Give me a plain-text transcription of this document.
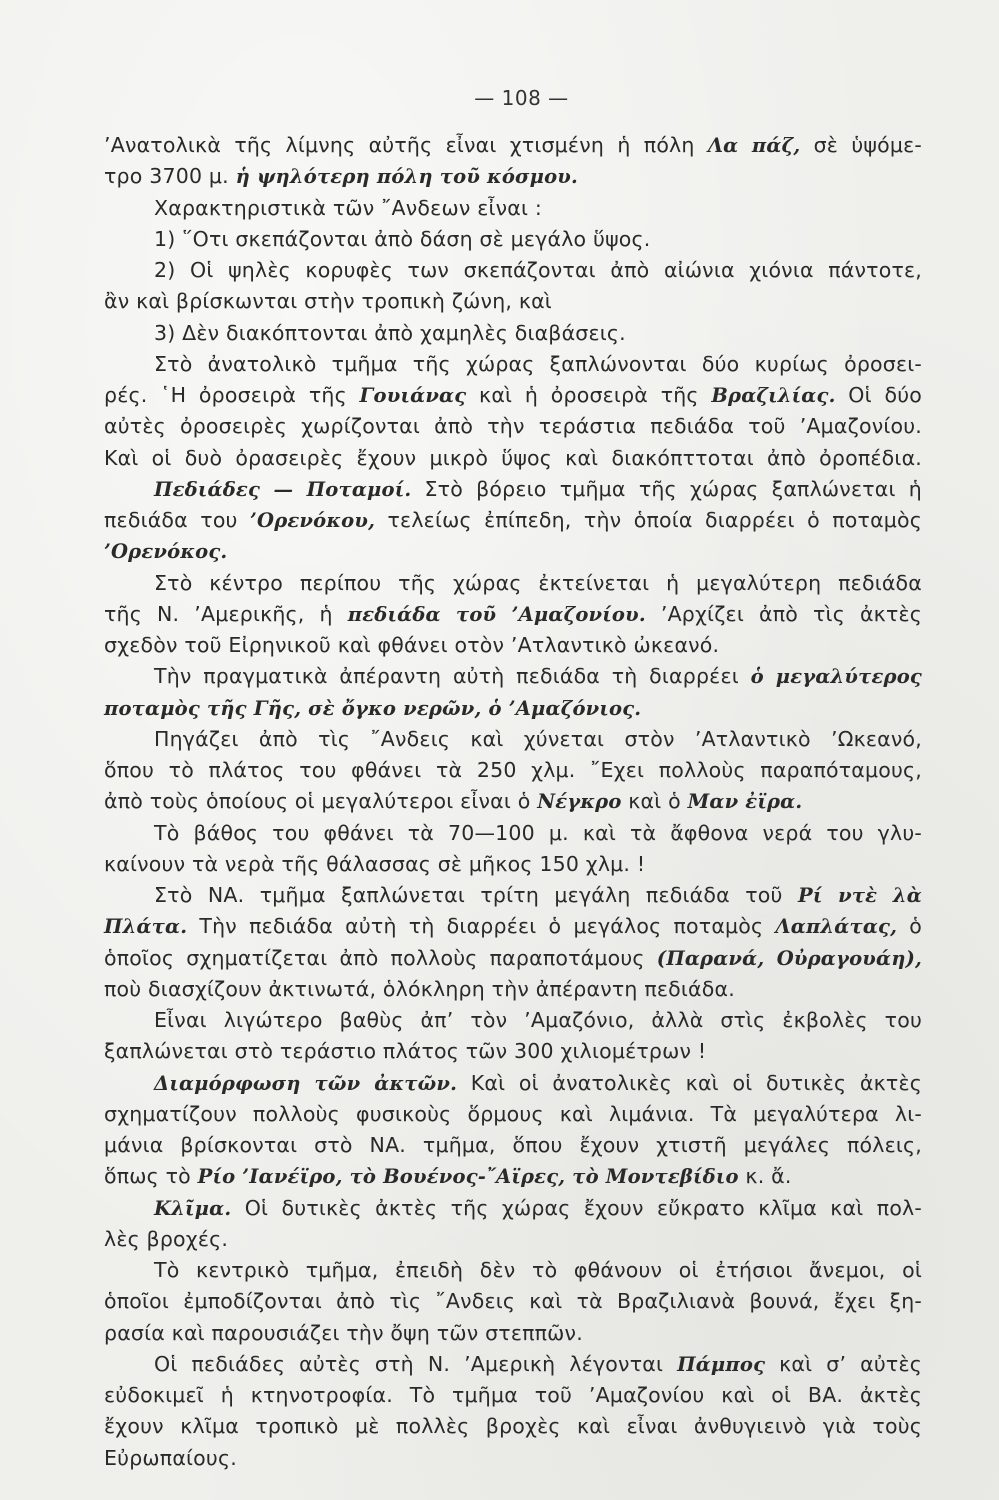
— 108 —
’Ανατολικὰ τῆς λίμνης αὐτῆς εἶναι χτισμένη ἡ πόλη Λα πάζ, σὲ ὑψόμε-
τρο 3700 μ. ἡ ψηλότερη πόλη τοῦ κόσμου.
Χαρακτηριστικὰ τῶν ῎Ανδεων εἶναι :
1) ῞Οτι σκεπάζονται ἀπὸ δάση σὲ μεγάλο ὕψος.
2) Οἱ ψηλὲς κορυφὲς των σκεπάζονται ἀπὸ αἰώνια χιόνια πάντοτε,
ἂν καὶ βρίσκωνται στὴν τροπικὴ ζώνη, καὶ
3) Δὲν διακόπτονται ἀπὸ χαμηλὲς διαβάσεις.
Στὸ ἀνατολικὸ τμῆμα τῆς χώρας ξαπλώνονται δύο κυρίως ὀροσει-
ρές. ῾Η ὀροσειρὰ τῆς Γουιάνας καὶ ἡ ὀροσειρὰ τῆς Βραζιλίας. Οἱ δύο
αὐτὲς ὀροσειρὲς χωρίζονται ἀπὸ τὴν τεράστια πεδιάδα τοῦ ’Αμαζονίου.
Καὶ οἱ δυὸ ὀρασειρὲς ἔχουν μικρὸ ὕψος καὶ διακόπττοται ἀπὸ ὀροπέδια.
Πεδιάδες — Ποταμοί. Στὸ βόρειο τμῆμα τῆς χώρας ξαπλώνεται ἡ
πεδιάδα του ’Ορενόκου, τελείως ἐπίπεδη, τὴν ὁποία διαρρέει ὁ ποταμὸς
’Ορενόκος.
Στὸ κέντρο περίπου τῆς χώρας ἐκτείνεται ἡ μεγαλύτερη πεδιάδα
τῆς Ν. ’Αμερικῆς, ἡ πεδιάδα τοῦ ’Αμαζονίου. ’Αρχίζει ἀπὸ τὶς ἀκτὲς
σχεδὸν τοῦ Εἰρηνικοῦ καὶ φθάνει οτὸν ’Ατλαντικὸ ὠκεανό.
Τὴν πραγματικὰ ἀπέραντη αὐτὴ πεδιάδα τὴ διαρρέει ὁ μεγαλύτερος
ποταμὸς τῆς Γῆς, σὲ ὄγκο νερῶν, ὁ ’Αμαζόνιος.
Πηγάζει ἀπὸ τὶς ῎Ανδεις καὶ χύνεται στὸν ’Ατλαντικὸ ’Ωκεανό,
ὅπου τὸ πλάτος του φθάνει τὰ 250 χλμ. ῎Εχει πολλοὺς παραπόταμους,
ἀπὸ τοὺς ὁποίους οἱ μεγαλύτεροι εἶναι ὁ Νέγκρο καὶ ὁ Μαν ἐϊρα.
Τὸ βάθος του φθάνει τὰ 70—100 μ. καὶ τὰ ἄφθονα νερά του γλυ-
καίνουν τὰ νερὰ τῆς θάλασσας σὲ μῆκος 150 χλμ. !
Στὸ ΝΑ. τμῆμα ξαπλώνεται τρίτη μεγάλη πεδιάδα τοῦ Pί ντὲ λὰ
Πλάτα. Τὴν πεδιάδα αὐτὴ τὴ διαρρέει ὁ μεγάλος ποταμὸς Λαπλάτας, ὁ
ὁποῖος σχηματίζεται ἀπὸ πολλοὺς παραποτάμους (Παρανά, Οὐραγουάη),
ποὺ διασχίζουν ἀκτινωτά, ὁλόκληρη τὴν ἀπέραντη πεδιάδα.
Εἶναι λιγώτερο βαθὺς ἀπ’ τὸν ’Αμαζόνιο, ἀλλὰ στὶς ἐκβολὲς του
ξαπλώνεται στὸ τεράστιο πλάτος τῶν 300 χιλιομέτρων !
Διαμόρφωση τῶν ἀκτῶν. Καὶ οἱ ἀνατολικὲς καὶ οἱ δυτικὲς ἀκτὲς
σχηματίζουν πολλοὺς φυσικοὺς ὅρμους καὶ λιμάνια. Τὰ μεγαλύτερα λι-
μάνια βρίσκονται στὸ ΝΑ. τμῆμα, ὅπου ἔχουν χτιστῆ μεγάλες πόλεις,
ὅπως τὸ Ρίο ’Ιανέϊρο, τὸ Βουένος-῎Αϊρες, τὸ Μοντεβίδιο κ. ἄ.
Κλῖμα. Οἱ δυτικὲς ἀκτὲς τῆς χώρας ἔχουν εὔκρατο κλῖμα καὶ πολ-
λὲς βροχές.
Τὸ κεντρικὸ τμῆμα, ἐπειδὴ δὲν τὸ φθάνουν οἱ ἐτήσιοι ἄνεμοι, οἱ
ὁποῖοι ἐμποδίζονται ἀπὸ τὶς ῎Ανδεις καὶ τὰ Βραζιλιανὰ βουνά, ἔχει ξη-
ρασία καὶ παρουσιάζει τὴν ὄψη τῶν στεππῶν.
Οἱ πεδιάδες αὐτὲς στὴ Ν. ’Αμερικὴ λέγονται Πάμπος καὶ σ’ αὐτὲς
εὐδοκιμεῖ ἡ κτηνοτροφία. Τὸ τμῆμα τοῦ ’Αμαζονίου καὶ οἱ ΒΑ. ἀκτὲς
ἔχουν κλῖμα τροπικὸ μὲ πολλὲς βροχὲς καὶ εἶναι ἀνθυγιεινὸ γιὰ τοὺς
Εὐρωπαίους.
